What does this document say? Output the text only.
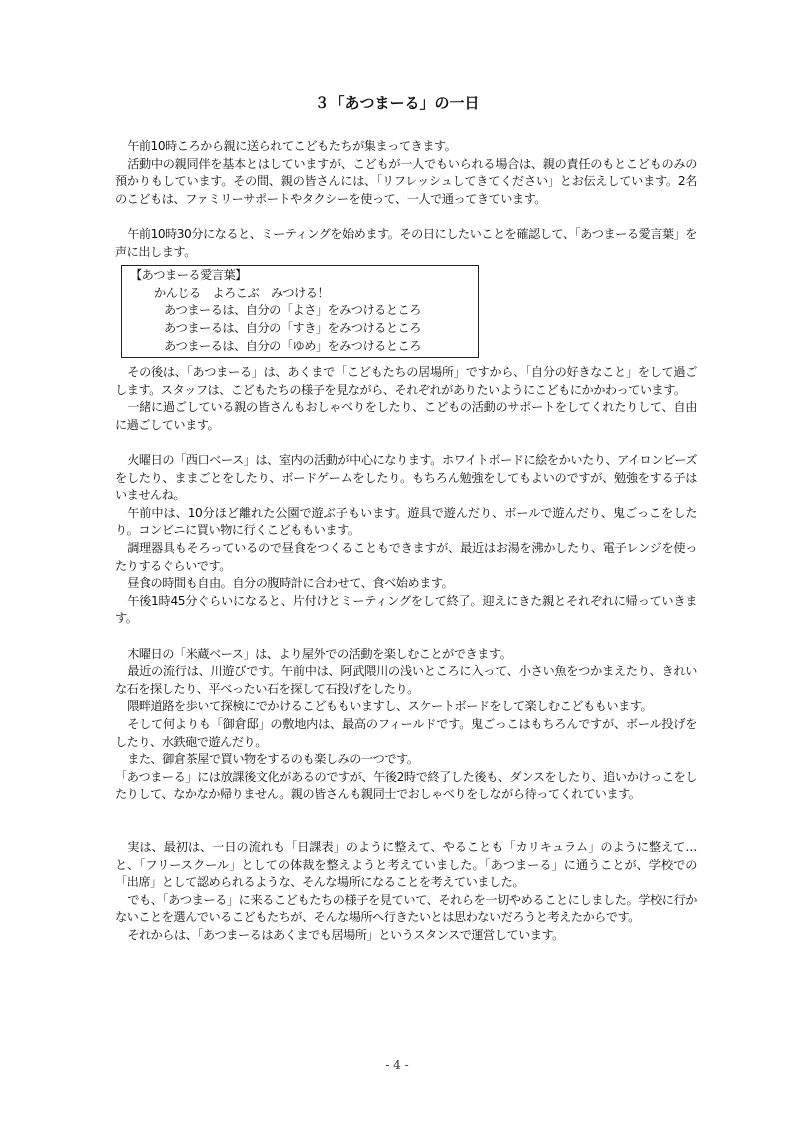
３「あつまーる」の一日

午前10時ころから親に送られてこどもたちが集まってきます。

活動中の親同伴を基本とはしていますが、こどもが一人でもいられる場合は、親の責任のもとこどものみの預かりもしています。その間、親の皆さんには、「リフレッシュしてきてください」とお伝えしています。2名のこどもは、ファミリーサポートやタクシーを使って、一人で通ってきています。

午前10時30分になると、ミーティングを始めます。その日にしたいことを確認して、「あつまーる愛言葉」を声に出します。

【あつまーる愛言葉】
かんじる　よろこぶ　みつける！
あつまーるは、自分の「よさ」をみつけるところ
あつまーるは、自分の「すき」をみつけるところ
あつまーるは、自分の「ゆめ」をみつけるところ

その後は、「あつまーる」は、あくまで「こどもたちの居場所」ですから、「自分の好きなこと」をして過ごします。スタッフは、こどもたちの様子を見ながら、それぞれがありたいようにこどもにかかわっています。

一緒に過ごしている親の皆さんもおしゃべりをしたり、こどもの活動のサポートをしてくれたりして、自由に過ごしています。

火曜日の「西口ベース」は、室内の活動が中心になります。ホワイトボードに絵をかいたり、アイロンビーズをしたり、ままごとをしたり、ボードゲームをしたり。もちろん勉強をしてもよいのですが、勉強をする子はいませんね。

午前中は、10分ほど離れた公園で遊ぶ子もいます。遊具で遊んだり、ボールで遊んだり、鬼ごっこをしたり。コンビニに買い物に行くこどももいます。

調理器具もそろっているので昼食をつくることもできますが、最近はお湯を沸かしたり、電子レンジを使ったりするぐらいです。

昼食の時間も自由。自分の腹時計に合わせて、食べ始めます。

午後1時45分ぐらいになると、片付けとミーティングをして終了。迎えにきた親とそれぞれに帰っていきます。

木曜日の「米蔵ベース」は、より屋外での活動を楽しむことができます。

最近の流行は、川遊びです。午前中は、阿武隈川の浅いところに入って、小さい魚をつかまえたり、きれいな石を探したり、平べったい石を探して石投げをしたり。

隈畔道路を歩いて探検にでかけるこどももいますし、スケートボードをして楽しむこどももいます。

そして何よりも「御倉邸」の敷地内は、最高のフィールドです。鬼ごっこはもちろんですが、ボール投げをしたり、水鉄砲で遊んだり。

また、御倉茶屋で買い物をするのも楽しみの一つです。

「あつまーる」には放課後文化があるのですが、午後2時で終了した後も、ダンスをしたり、追いかけっこをしたりして、なかなか帰りません。親の皆さんも親同士でおしゃべりをしながら待ってくれています。

実は、最初は、一日の流れも「日課表」のように整えて、やることも「カリキュラム」のように整えて…と、「フリースクール」としての体裁を整えようと考えていました。「あつまーる」に通うことが、学校での「出席」として認められるような、そんな場所になることを考えていました。

でも、「あつまーる」に来るこどもたちの様子を見ていて、それらを一切やめることにしました。学校に行かないことを選んでいるこどもたちが、そんな場所へ行きたいとは思わないだろうと考えたからです。

それからは、「あつまーるはあくまでも居場所」というスタンスで運営しています。

- 4 -
